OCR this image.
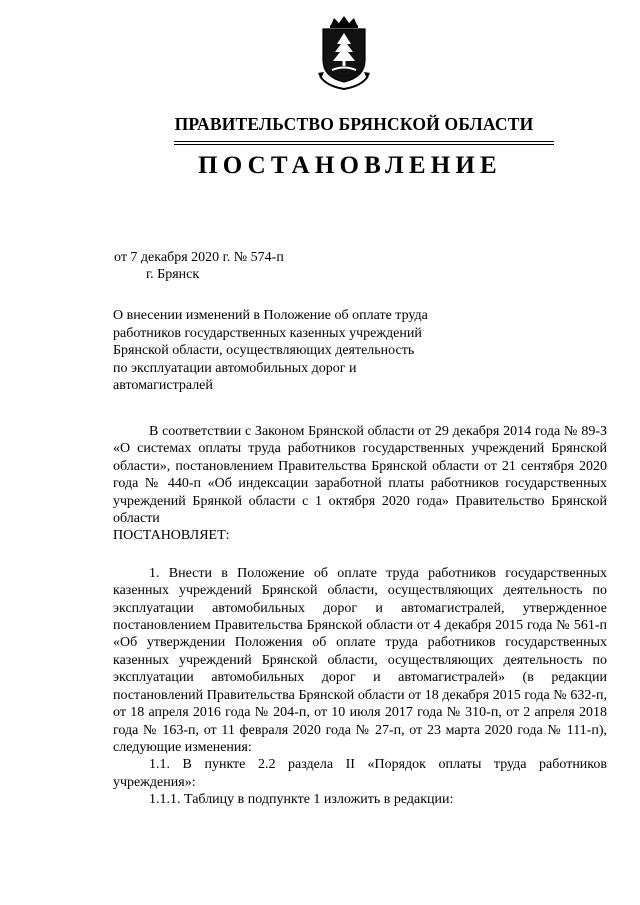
ПРАВИТЕЛЬСТВО БРЯНСКОЙ ОБЛАСТИ
ПОСТАНОВЛЕНИЕ
от 7 декабря 2020 г. № 574-п
г. Брянск
О внесении изменений в Положение об оплате труда работников государственных казенных учреждений Брянской области, осуществляющих деятельность по эксплуатации автомобильных дорог и автомагистралей

В соответствии с Законом Брянской области от 29 декабря 2014 года № 89-З «О системах оплаты труда работников государственных учреждений Брянской области», постановлением Правительства Брянской области от 21 сентября 2020 года № 440-п «Об индексации заработной платы работников государственных учреждений Брянкой области с 1 октября 2020 года» Правительство Брянской области

ПОСТАНОВЛЯЕТ:

1. Внести в Положение об оплате труда работников государственных казенных учреждений Брянской области, осуществляющих деятельность по эксплуатации автомобильных дорог и автомагистралей, утвержденное постановлением Правительства Брянской области от 4 декабря 2015 года № 561-п «Об утверждении Положения об оплате труда работников государственных казенных учреждений Брянской области, осуществляющих деятельность по эксплуатации автомобильных дорог и автомагистралей» (в редакции постановлений Правительства Брянской области от 18 декабря 2015 года № 632-п, от 18 апреля 2016 года № 204-п, от 10 июля 2017 года № 310-п, от 2 апреля 2018 года № 163-п, от 11 февраля 2020 года № 27-п, от 23 марта 2020 года № 111-п), следующие изменения:

1.1. В пункте 2.2 раздела II «Порядок оплаты труда работников учреждения»:

1.1.1. Таблицу в подпункте 1 изложить в редакции:
